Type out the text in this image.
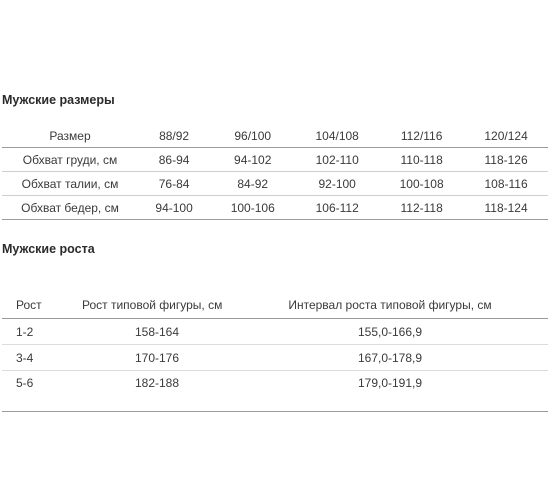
Мужские размеры
Размер	88/92	96/100	104/108	112/116	120/124
Обхват груди, см	86-94	94-102	102-110	110-118	118-126
Обхват талии, см	76-84	84-92	92-100	100-108	108-116
Обхват бедер, см	94-100	100-106	106-112	112-118	118-124
Мужские роста
Рост	Рост типовой фигуры, см	Интервал роста типовой фигуры, см
1-2	158-164	155,0-166,9
3-4	170-176	167,0-178,9
5-6	182-188	179,0-191,9
